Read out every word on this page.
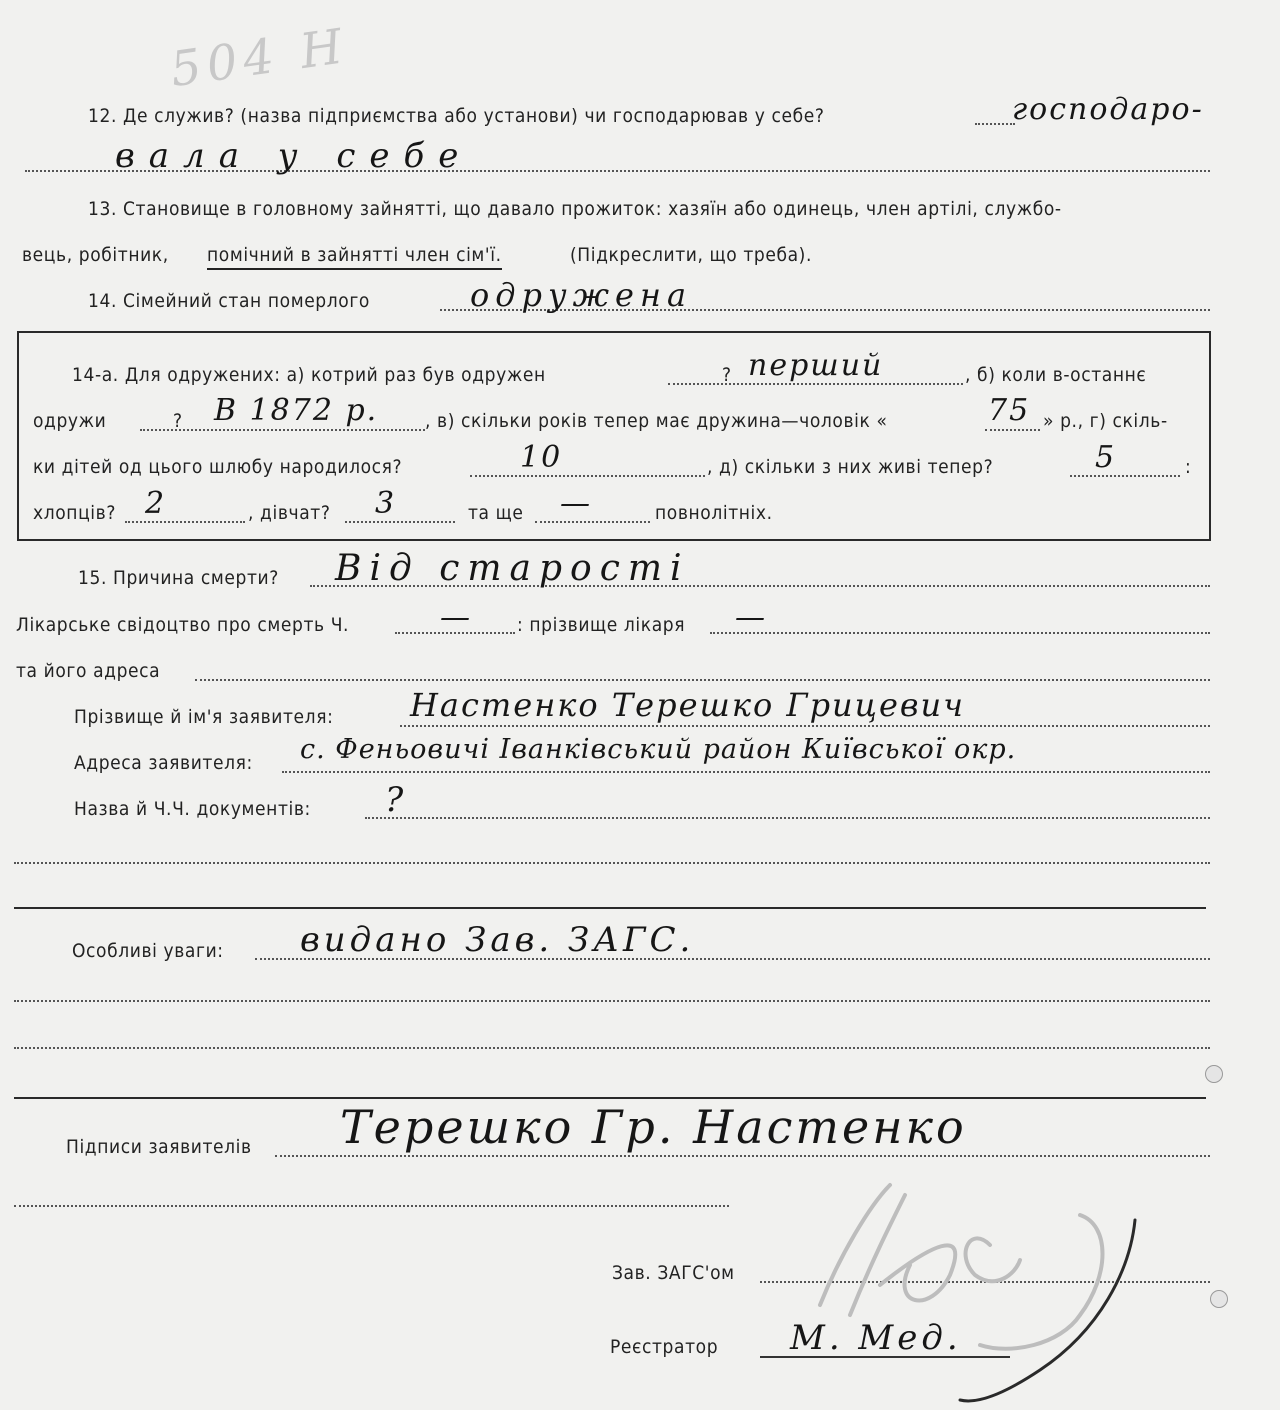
504 Н
12. Де служив? (назва підприємства або установи) чи господарював у себе?	господаро-
вала у себе
13. Становище в головному зайнятті, що давало прожиток: хазяїн або одинець, член артілі, службо-
вець, робітник, помічний в зайнятті член сім'ї.	(Підкреслити, що треба).
14. Сімейний стан померлого	одружена
14-а. Для одружених: а) котрий раз був одружен	? перший	, б) коли в-останнє
одружи	? В 1872 р. , в) скільки років тепер має дружина—чоловік «	75 » р., г) скіль-
ки дітей од цього шлюбу народилося?	10	, д) скільки з них живі тепер?	5	:
хлопців? 2	, дівчат? 3	та ще —	повнолітніх.
15. Причина смерти? Від старості
Лікарське свідоцтво про смерть Ч.	— : прізвище лікаря —
та його адреса
Прізвище й ім'я заявителя: Настенко Терешко Грицевич
Адреса заявителя: с. Феньовичі Іванківський район Київської окр.
Назва й Ч.Ч. документів: ?
Особливі уваги: видано Зав. ЗАГС.
Підписи заявителів Терешко Гр. Настенко
Зав. ЗАГС'ом
Реєстратор М. Мед.
